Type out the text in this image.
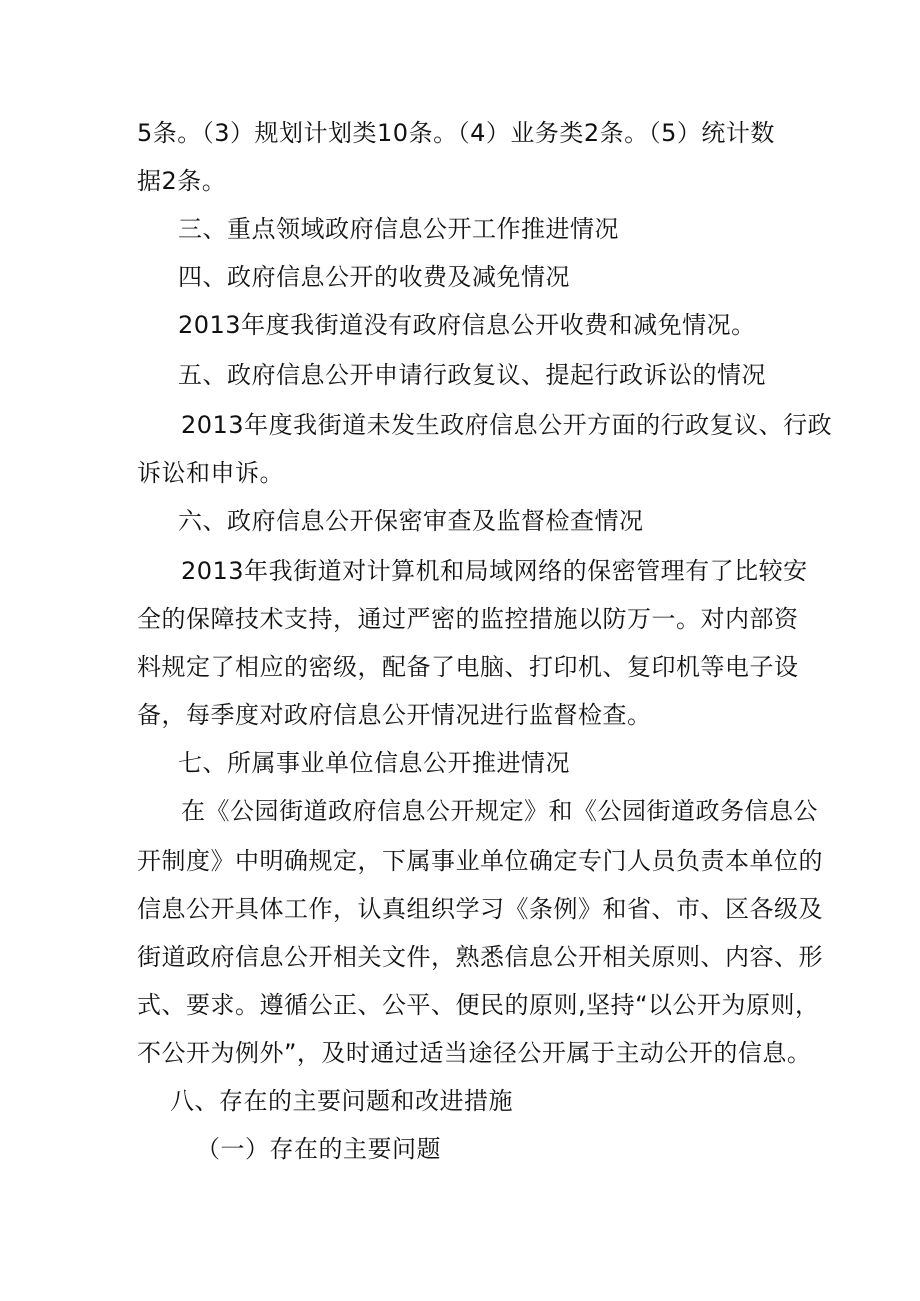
5条。（3）规划计划类10条。（4）业务类2条。（5）统计数
据2条。
三、重点领域政府信息公开工作推进情况
四、政府信息公开的收费及减免情况
2013年度我街道没有政府信息公开收费和减免情况。
五、政府信息公开申请行政复议、提起行政诉讼的情况
2013年度我街道未发生政府信息公开方面的行政复议、行政
诉讼和申诉。
六、政府信息公开保密审查及监督检查情况
2013年我街道对计算机和局域网络的保密管理有了比较安
全的保障技术支持，通过严密的监控措施以防万一。对内部资
料规定了相应的密级，配备了电脑、打印机、复印机等电子设
备，每季度对政府信息公开情况进行监督检查。
七、所属事业单位信息公开推进情况
在《公园街道政府信息公开规定》和《公园街道政务信息公
开制度》中明确规定，下属事业单位确定专门人员负责本单位的
信息公开具体工作，认真组织学习《条例》和省、市、区各级及
街道政府信息公开相关文件，熟悉信息公开相关原则、内容、形
式、要求。遵循公正、公平、便民的原则,坚持“以公开为原则，
不公开为例外”，及时通过适当途径公开属于主动公开的信息。
八、存在的主要问题和改进措施
（一）存在的主要问题
